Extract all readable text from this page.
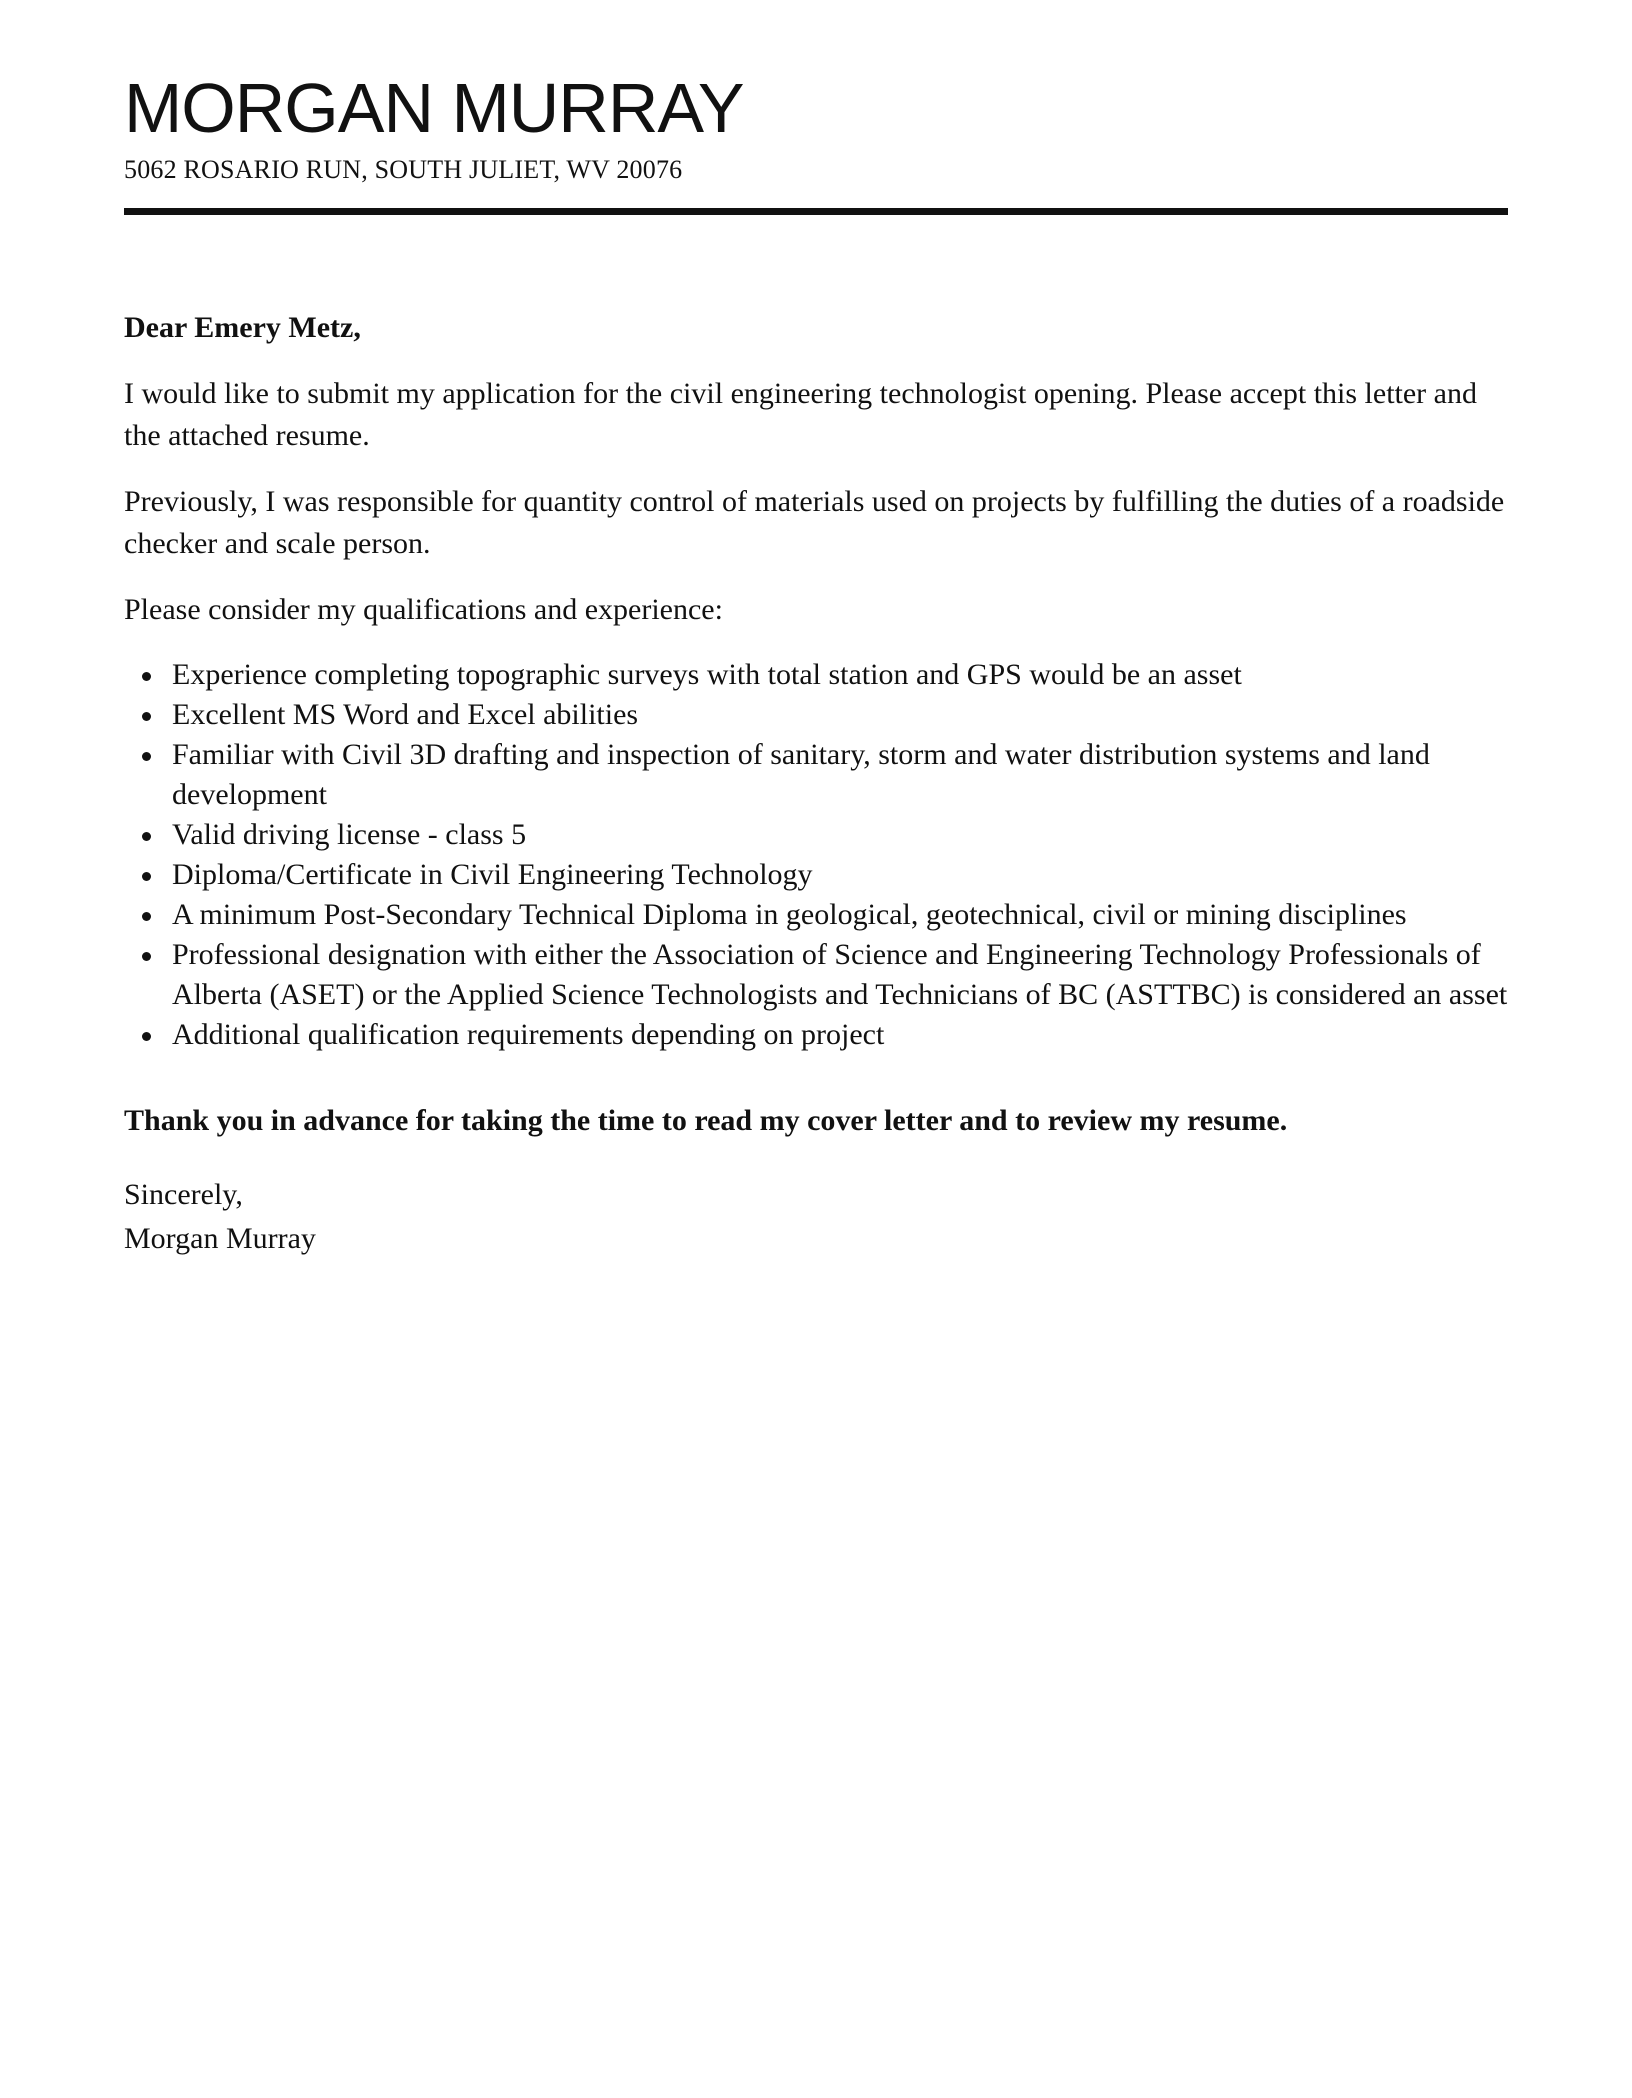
MORGAN MURRAY
5062 ROSARIO RUN, SOUTH JULIET, WV 20076

Dear Emery Metz,

I would like to submit my application for the civil engineering technologist opening. Please accept this letter and the attached resume.

Previously, I was responsible for quantity control of materials used on projects by fulfilling the duties of a roadside checker and scale person.

Please consider my qualifications and experience:

Experience completing topographic surveys with total station and GPS would be an asset
Excellent MS Word and Excel abilities
Familiar with Civil 3D drafting and inspection of sanitary, storm and water distribution systems and land development
Valid driving license - class 5
Diploma/Certificate in Civil Engineering Technology
A minimum Post-Secondary Technical Diploma in geological, geotechnical, civil or mining disciplines
Professional designation with either the Association of Science and Engineering Technology Professionals of Alberta (ASET) or the Applied Science Technologists and Technicians of BC (ASTTBC) is considered an asset
Additional qualification requirements depending on project

Thank you in advance for taking the time to read my cover letter and to review my resume.

Sincerely,
Morgan Murray
